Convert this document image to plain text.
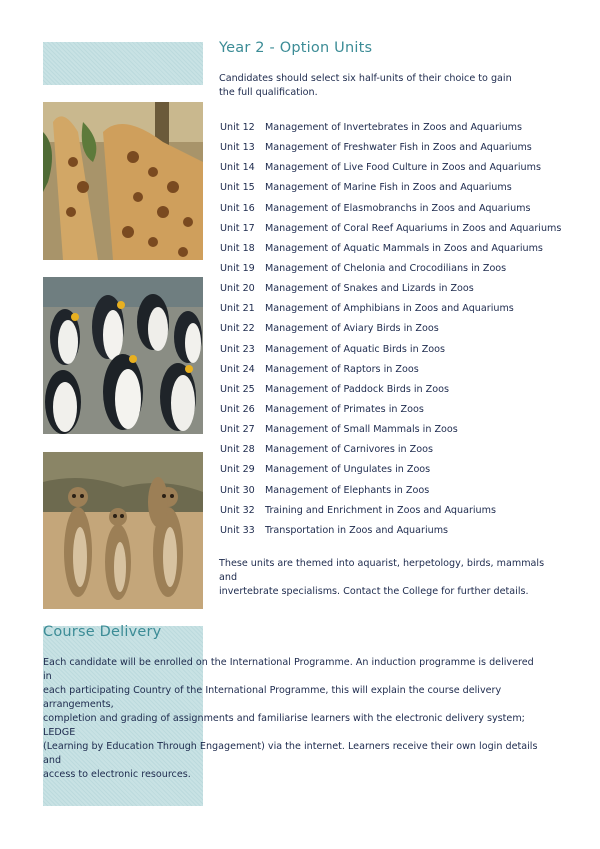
Year 2 - Option Units

Candidates should select six half-units of their choice to gain
the full qualification.

Unit 12 Management of Invertebrates in Zoos and Aquariums
Unit 13 Management of Freshwater Fish in Zoos and Aquariums
Unit 14 Management of Live Food Culture in Zoos and Aquariums
Unit 15 Management of Marine Fish in Zoos and Aquariums
Unit 16 Management of Elasmobranchs in Zoos and Aquariums
Unit 17 Management of Coral Reef Aquariums in Zoos and Aquariums
Unit 18 Management of Aquatic Mammals in Zoos and Aquariums
Unit 19 Management of Chelonia and Crocodilians in Zoos
Unit 20 Management of Snakes and Lizards in Zoos
Unit 21 Management of Amphibians in Zoos and Aquariums
Unit 22 Management of Aviary Birds in Zoos
Unit 23 Management of Aquatic Birds in Zoos
Unit 24 Management of Raptors in Zoos
Unit 25 Management of Paddock Birds in Zoos
Unit 26 Management of Primates in Zoos
Unit 27 Management of Small Mammals in Zoos
Unit 28 Management of Carnivores in Zoos
Unit 29 Management of Ungulates in Zoos
Unit 30 Management of Elephants in Zoos
Unit 32 Training and Enrichment in Zoos and Aquariums
Unit 33 Transportation in Zoos and Aquariums

These units are themed into aquarist, herpetology, birds, mammals and
invertebrate specialisms. Contact the College for further details.

Course Delivery

Each candidate will be enrolled on the International Programme. An induction programme is delivered in
each participating Country of the International Programme, this will explain the course delivery arrangements,
completion and grading of assignments and familiarise learners with the electronic delivery system; LEDGE
(Learning by Education Through Engagement) via the internet. Learners receive their own login details and
access to electronic resources.
